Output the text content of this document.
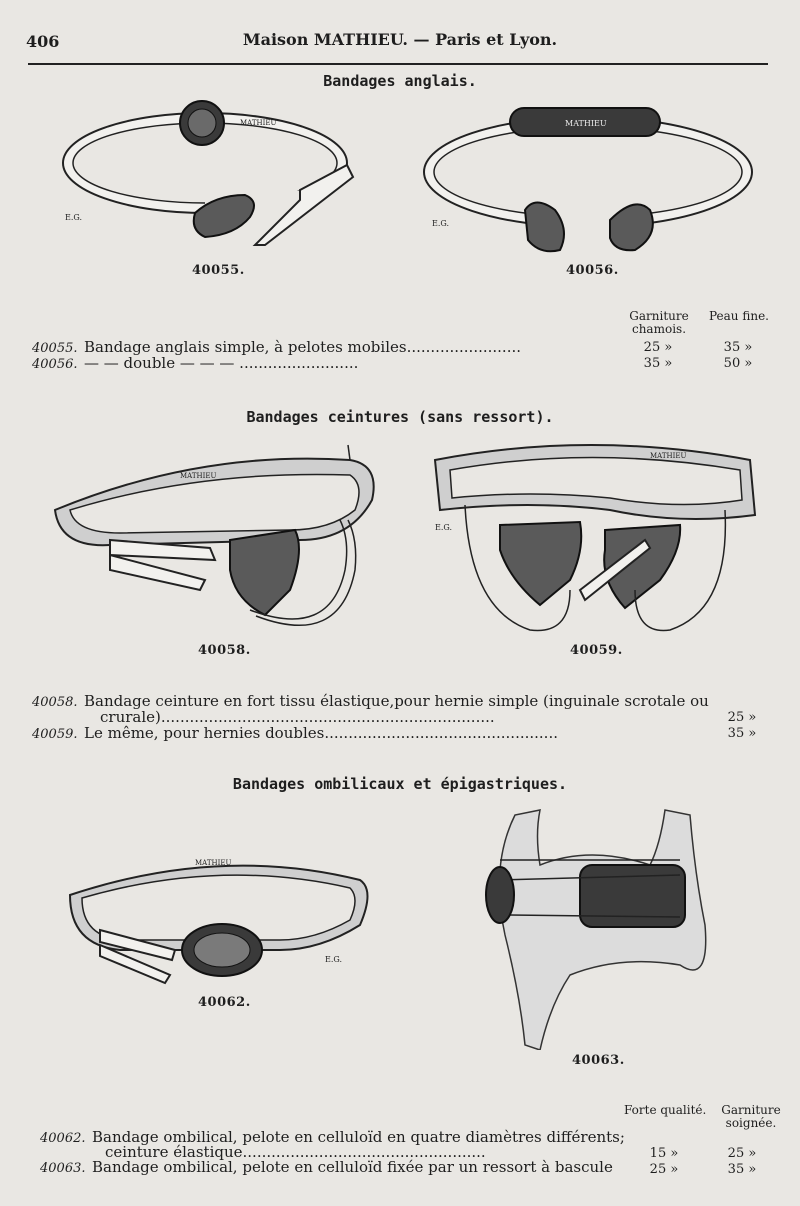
406	Maison MATHIEU. — Paris et Lyon.
Bandages anglais.
E.G.
MATHIEU
40055.
MATHIEU
E.G.
40056.
Garniture chamois.
Peau fine.
40055. Bandage anglais simple, à pelotes mobiles........................	25 »	35 »
40056. — — double — — — .........................	35 »	50 »
Bandages ceintures (sans ressort).
MATHIEU
40058.
MATHIEU
E.G.
40059.
40058. Bandage ceinture en fort tissu élastique,pour hernie simple (inguinale scrotale ou
crurale)......................................................................	25 »
40059. Le même, pour hernies doubles.................................................	35 »
Bandages ombilicaux et épigastriques.
MATHIEU
E.G.
40062.
40063.
Forte qualité.	Garniture soignée.
40062. Bandage ombilical, pelote en celluloïd en quatre diamètres différents;
ceinture élastique...................................................	15 »	25 »
40063. Bandage ombilical, pelote en celluloïd fixée par un ressort à bascule	25 »	35 »
